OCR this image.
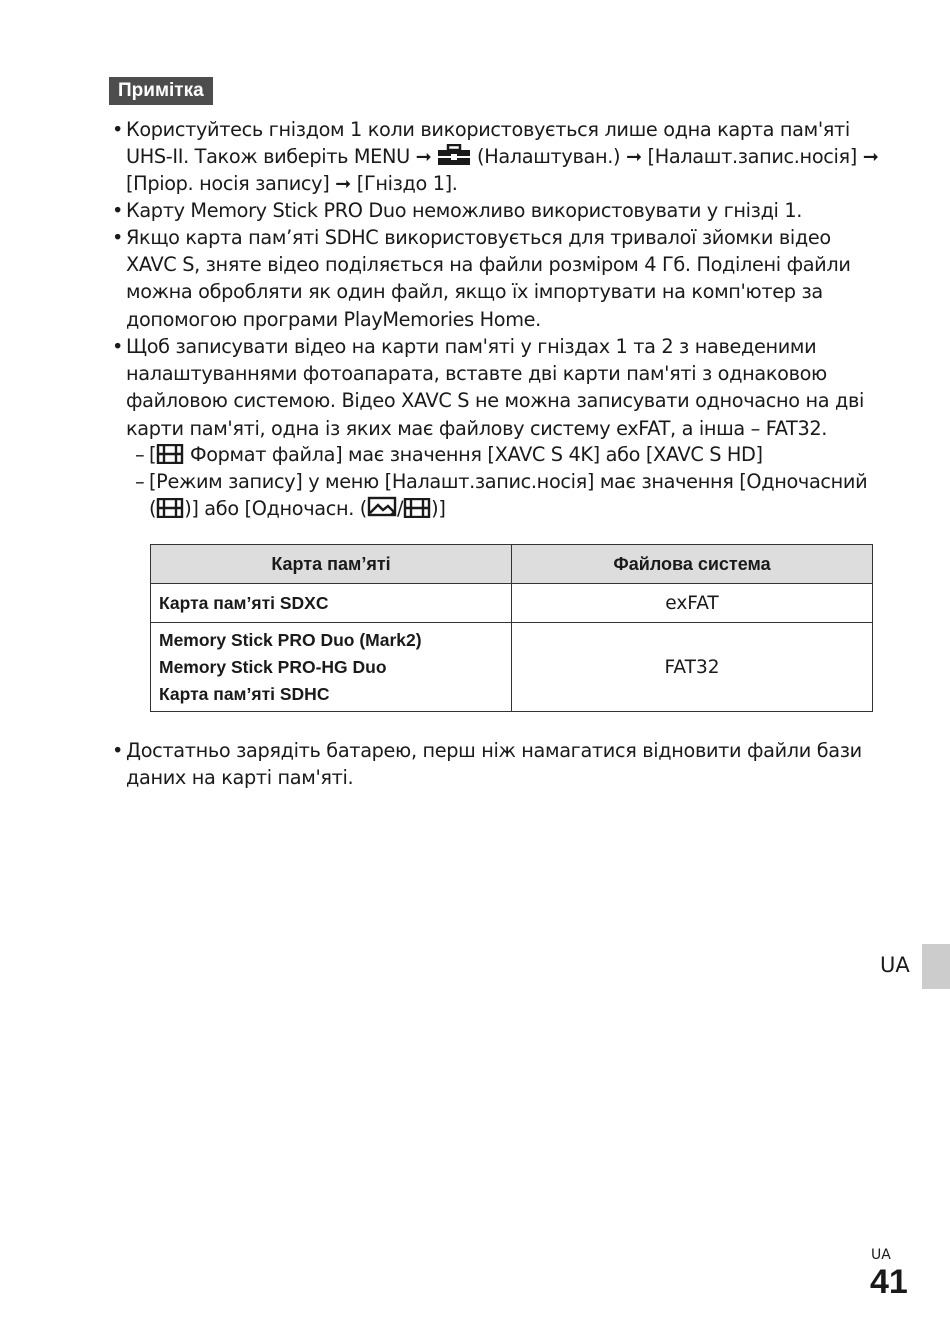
Примітка
• Користуйтесь гніздом 1 коли використовується лише одна карта пам'яті UHS-II. Також виберіть MENU ➞ (Налаштуван.) ➞ [Налашт.запис.носія] ➞ [Пріор. носія запису] ➞ [Гніздо 1].
• Карту Memory Stick PRO Duo неможливо використовувати у гнізді 1.
• Якщо карта пам’яті SDHC використовується для тривалої зйомки відео XAVC S, зняте відео поділяється на файли розміром 4 Гб. Поділені файли можна обробляти як один файл, якщо їх імпортувати на комп'ютер за допомогою програми PlayMemories Home.
• Щоб записувати відео на карти пам'яті у гніздах 1 та 2 з наведеними налаштуваннями фотоапарата, вставте дві карти пам'яті з однаковою файловою системою. Відео XAVC S не можна записувати одночасно на дві карти пам'яті, одна із яких має файлову систему exFAT, а інша – FAT32.
– [ Формат файла] має значення [XAVC S 4K] або [XAVC S HD]
– [Режим запису] у меню [Налашт.запис.носія] має значення [Одночасний ( )] або [Одночасн. ( / )]
Карта пам’яті	Файлова система
Карта пам’яті SDXC	exFAT

Memory Stick PRO Duo (Mark2)
Memory Stick PRO-HG Duo
Карта пам’яті SDHC	FAT32
• Достатньо зарядіть батарею, перш ніж намагатися відновити файли бази даних на карті пам'яті.
UA
UA
41
